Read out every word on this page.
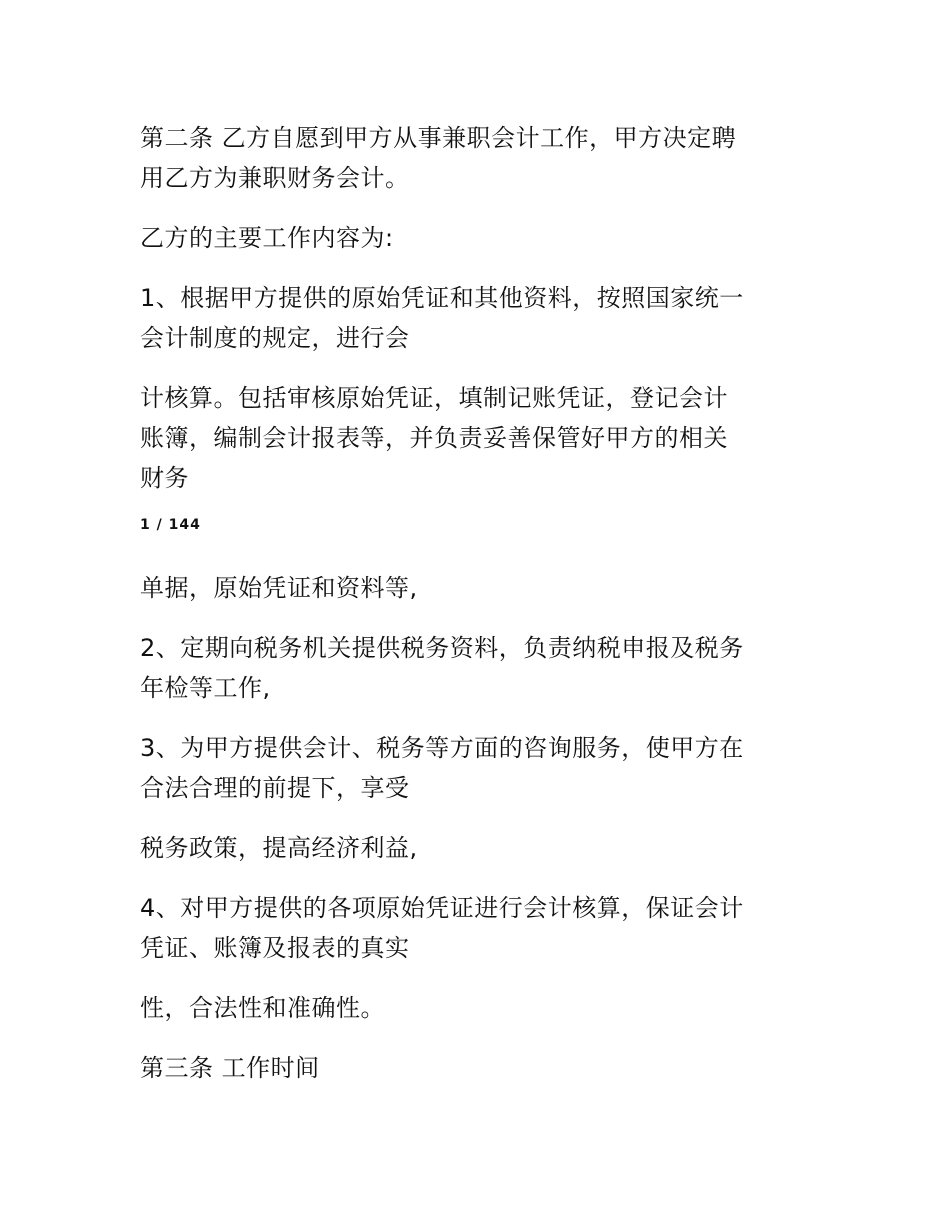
第二条 乙方自愿到甲方从事兼职会计工作，甲方决定聘
用乙方为兼职财务会计。

乙方的主要工作内容为:

1、根据甲方提供的原始凭证和其他资料，按照国家统一
会计制度的规定，进行会

计核算。包括审核原始凭证，填制记账凭证，登记会计
账簿，编制会计报表等，并负责妥善保管好甲方的相关
财务

1 / 144

单据，原始凭证和资料等,

2、定期向税务机关提供税务资料，负责纳税申报及税务
年检等工作,

3、为甲方提供会计、税务等方面的咨询服务，使甲方在
合法合理的前提下，享受

税务政策，提高经济利益,

4、对甲方提供的各项原始凭证进行会计核算，保证会计
凭证、账簿及报表的真实

性，合法性和准确性。

第三条 工作时间
